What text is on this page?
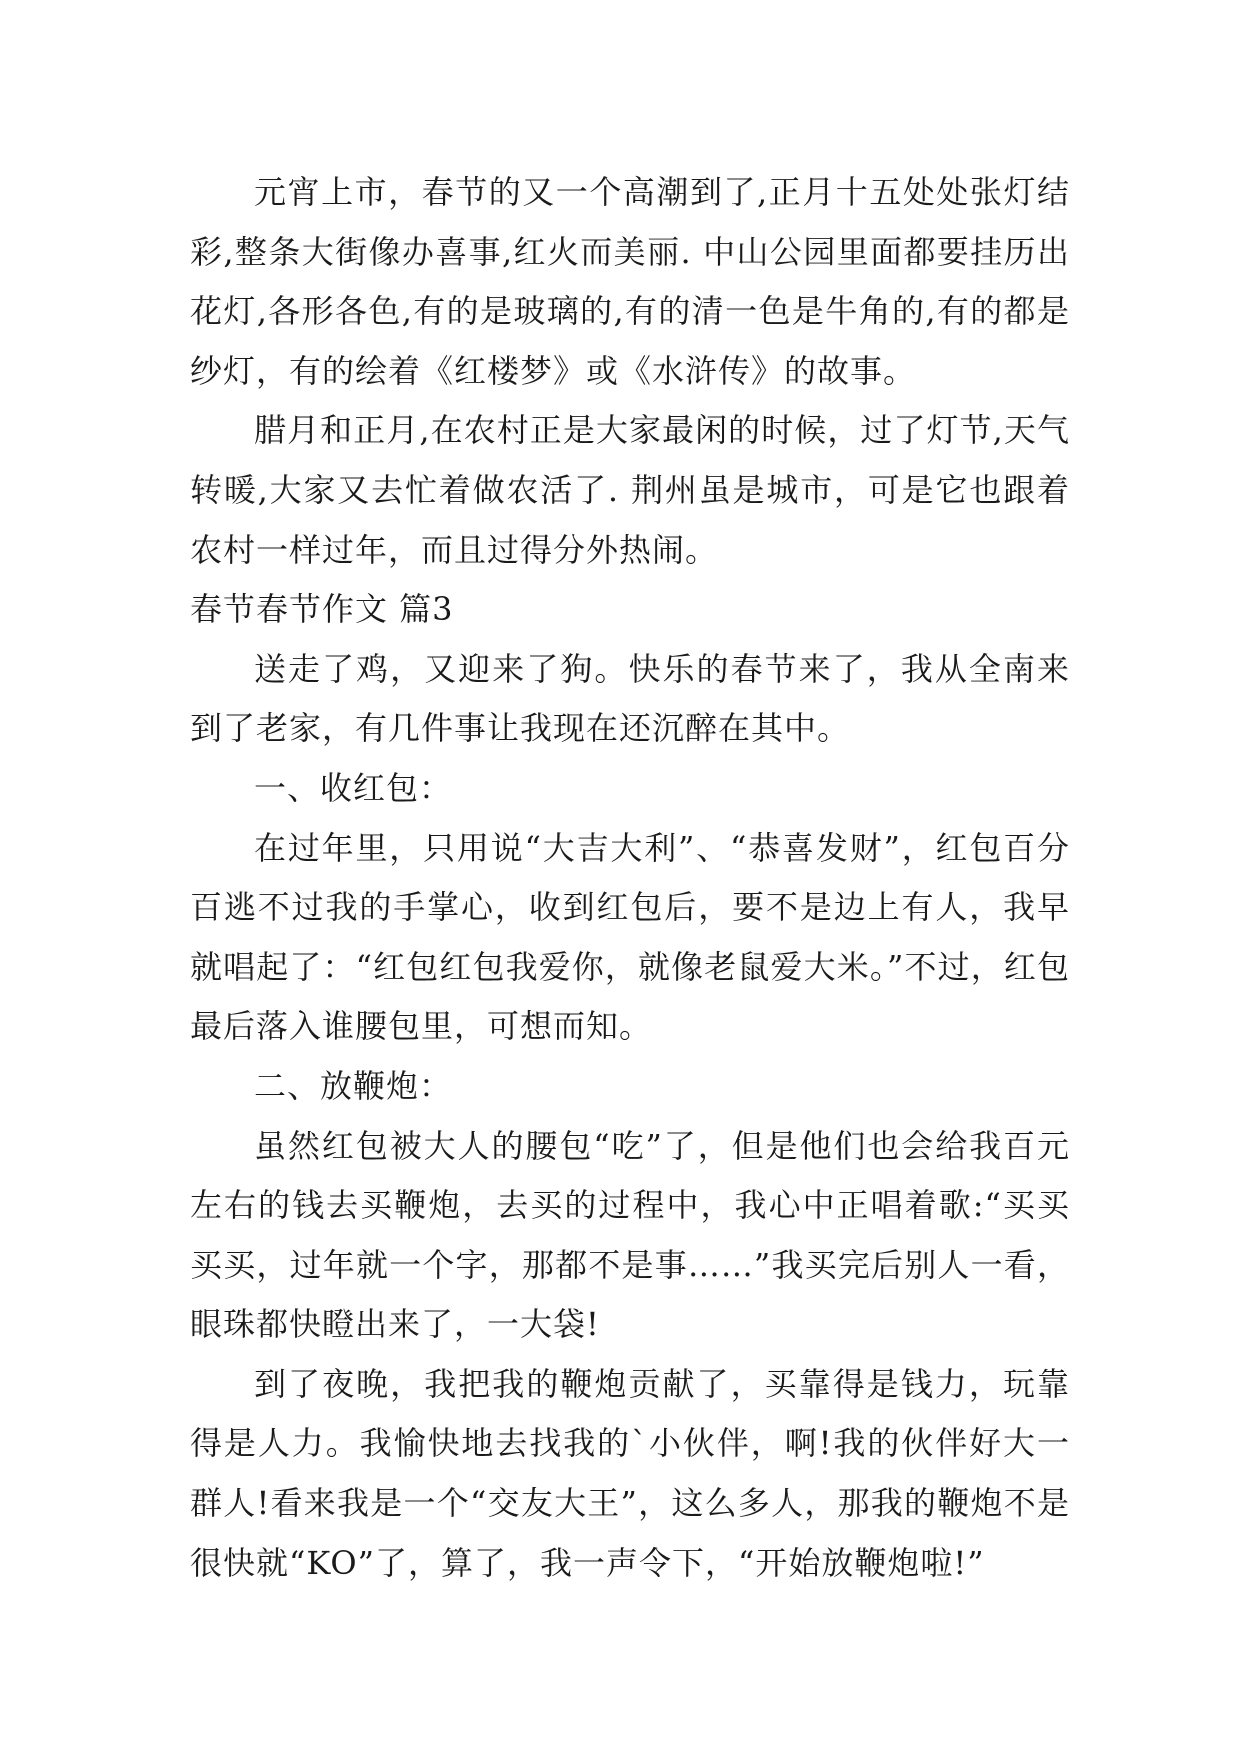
元宵上市，春节的又一个高潮到了,正月十五处处张灯结彩,整条大街像办喜事,红火而美丽. 中山公园里面都要挂历出花灯,各形各色,有的是玻璃的,有的清一色是牛角的,有的都是纱灯，有的绘着《红楼梦》或《水浒传》的故事。

腊月和正月,在农村正是大家最闲的时候，过了灯节,天气转暖,大家又去忙着做农活了. 荆州虽是城市，可是它也跟着农村一样过年，而且过得分外热闹。

春节春节作文 篇3

送走了鸡，又迎来了狗。快乐的春节来了，我从全南来到了老家，有几件事让我现在还沉醉在其中。

一、收红包：

在过年里，只用说“大吉大利”、“恭喜发财”，红包百分百逃不过我的手掌心，收到红包后，要不是边上有人，我早就唱起了：“红包红包我爱你，就像老鼠爱大米。”不过，红包最后落入谁腰包里，可想而知。

二、放鞭炮：

虽然红包被大人的腰包“吃”了，但是他们也会给我百元左右的钱去买鞭炮，去买的过程中，我心中正唱着歌:“买买买买，过年就一个字，那都不是事……”我买完后别人一看，眼珠都快瞪出来了，一大袋!

到了夜晚，我把我的鞭炮贡献了，买靠得是钱力，玩靠得是人力。我愉快地去找我的`小伙伴，啊!我的伙伴好大一群人!看来我是一个“交友大王”，这么多人，那我的鞭炮不是很快就“KO”了，算了，我一声令下，“开始放鞭炮啦!”
